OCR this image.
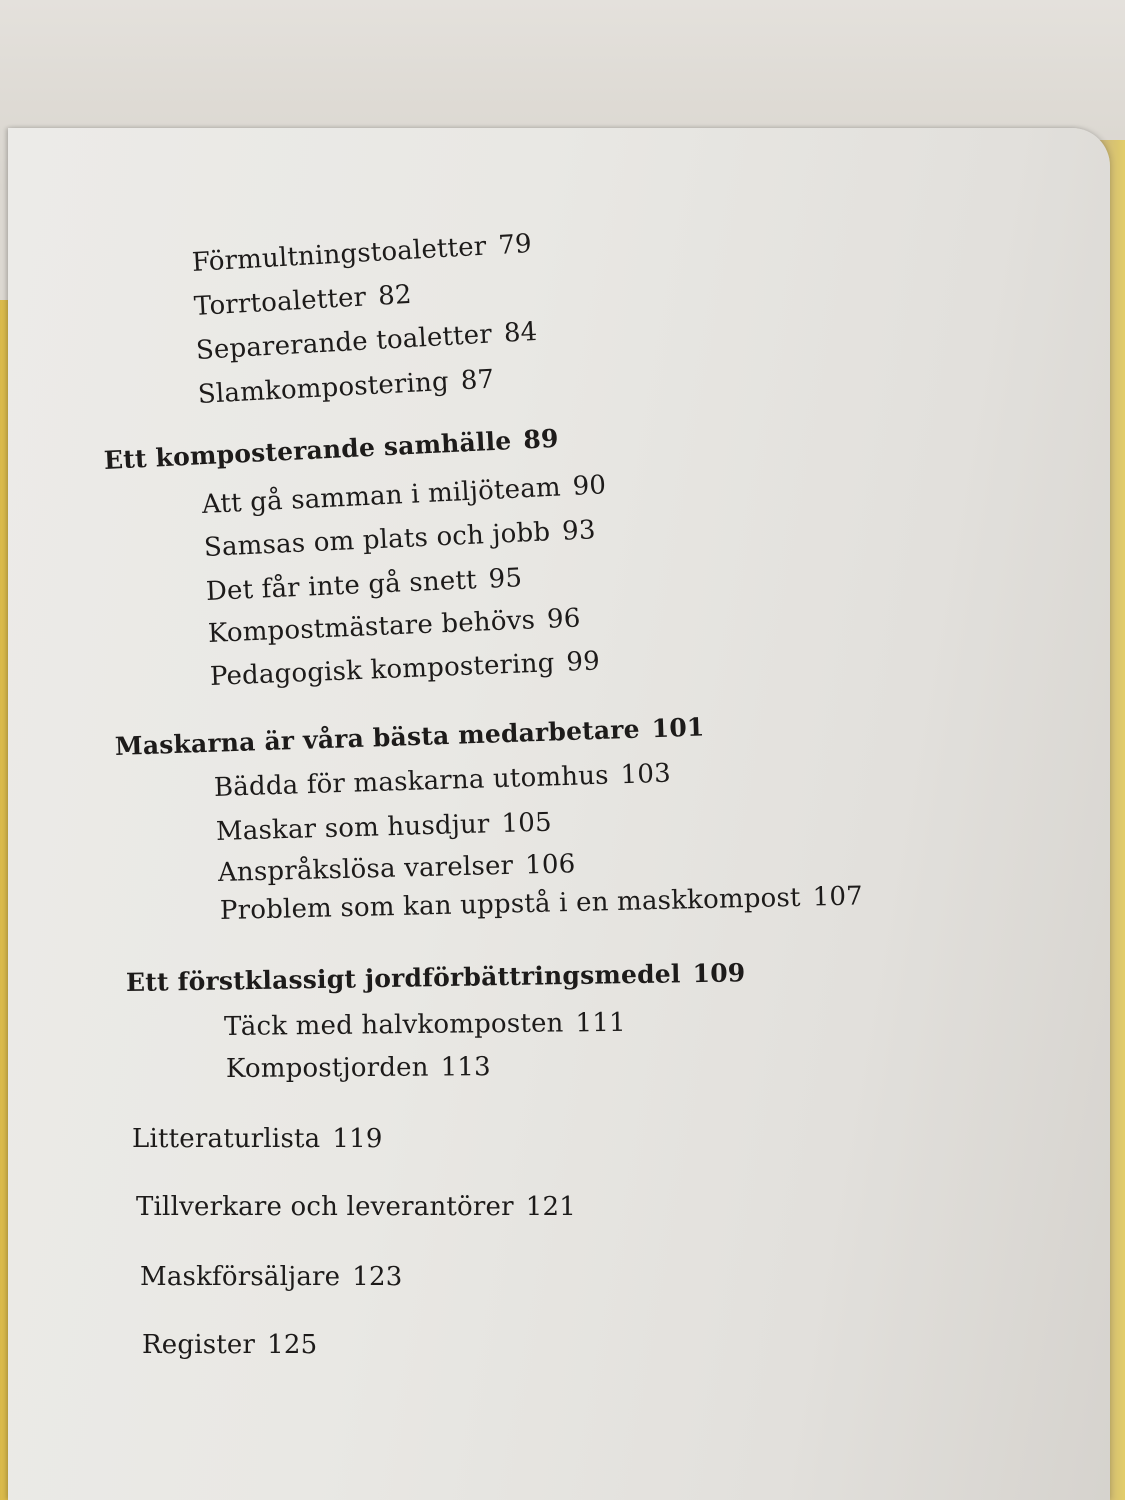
Förmultningstoaletter 79
Torrtoaletter 82
Separerande toaletter 84
Slamkompostering 87
Ett komposterande samhälle 89
Att gå samman i miljöteam 90
Samsas om plats och jobb 93
Det får inte gå snett 95
Kompostmästare behövs 96
Pedagogisk kompostering 99
Maskarna är våra bästa medarbetare 101
Bädda för maskarna utomhus 103
Maskar som husdjur 105
Anspråkslösa varelser 106
Problem som kan uppstå i en maskkompost 107
Ett förstklassigt jordförbättringsmedel 109
Täck med halvkomposten 111
Kompostjorden 113
Litteraturlista 119
Tillverkare och leverantörer 121
Maskförsäljare 123
Register 125
